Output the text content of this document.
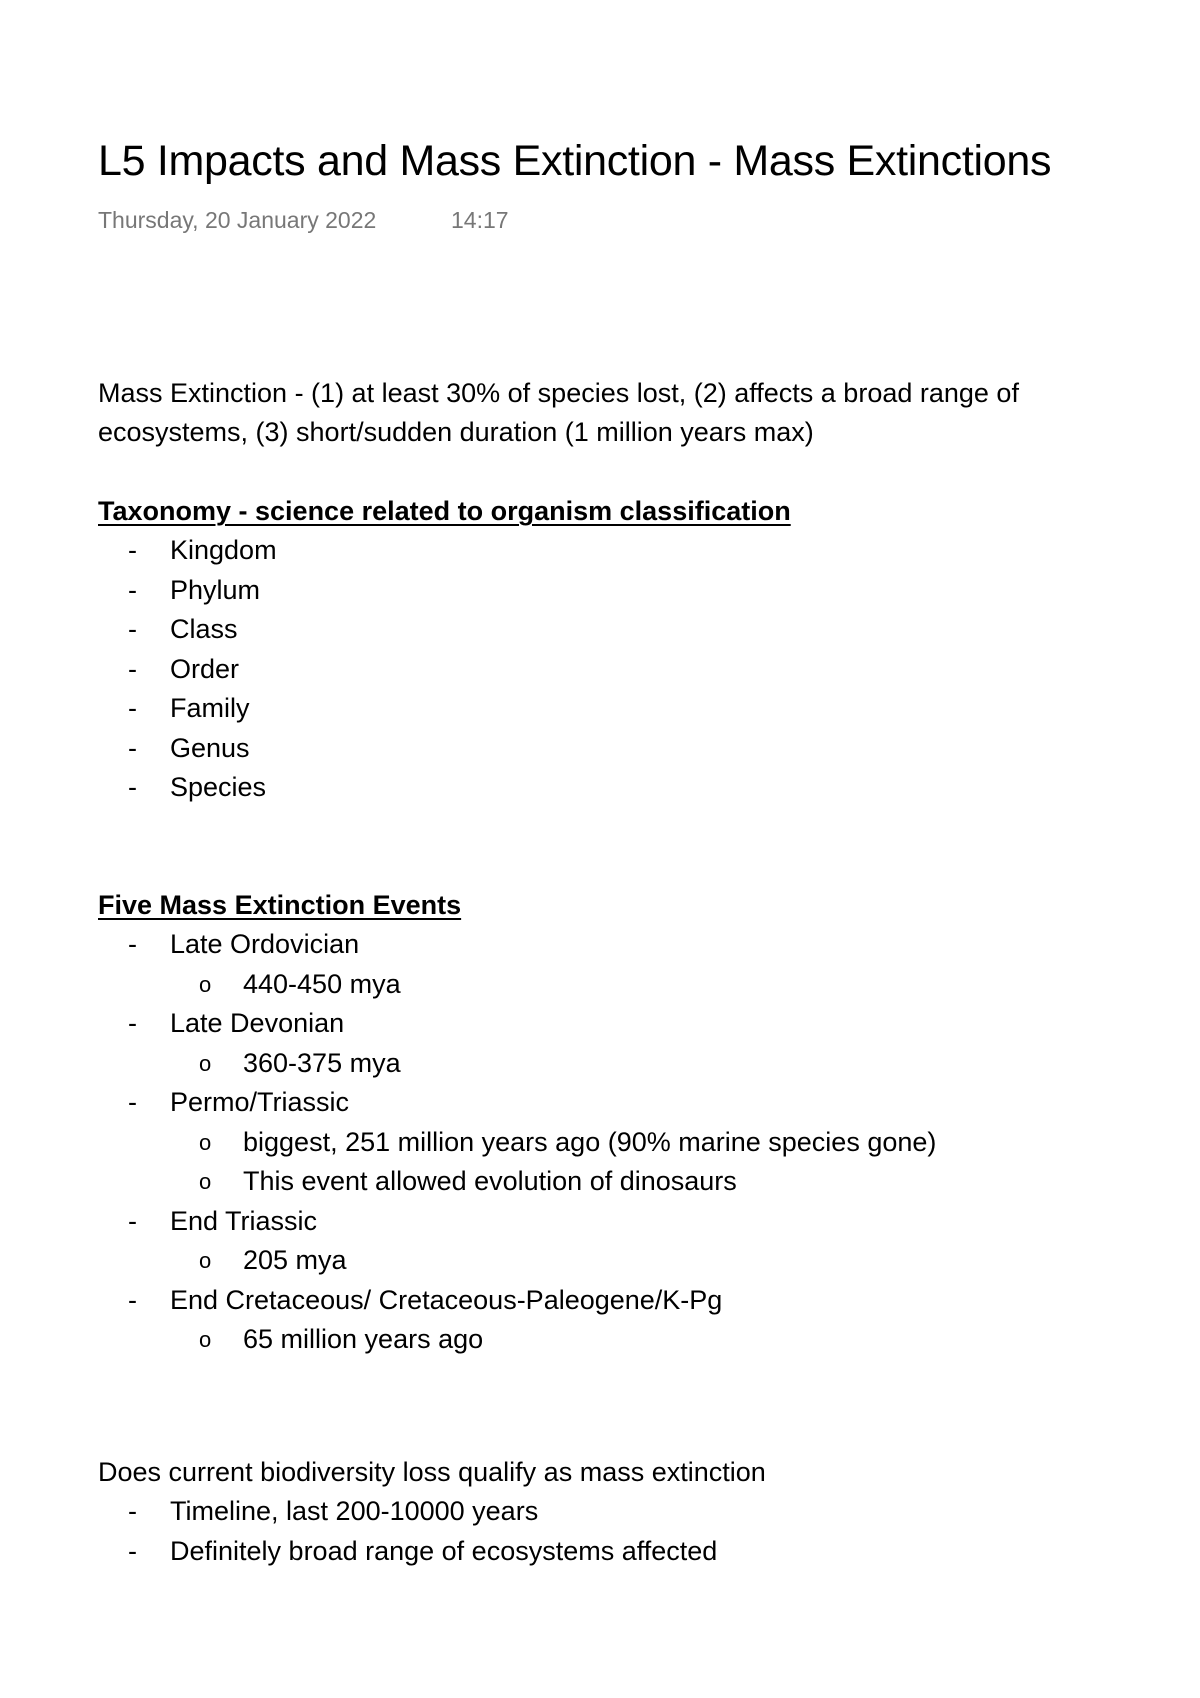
L5 Impacts and Mass Extinction - Mass Extinctions
Thursday, 20 January 2022	14:17
Mass Extinction - (1) at least 30% of species lost, (2) affects a broad range of
ecosystems, (3) short/sudden duration (1 million years max)
Taxonomy - science related to organism classification
-	Kingdom
-	Phylum
-	Class
-	Order
-	Family
-	Genus
-	Species
Five Mass Extinction Events
-	Late Ordovician
o 440-450 mya
-	Late Devonian
o 360-375 mya
-	Permo/Triassic
o biggest, 251 million years ago (90% marine species gone)
o This event allowed evolution of dinosaurs
-	End Triassic
o 205 mya
-	End Cretaceous/ Cretaceous-Paleogene/K-Pg
o 65 million years ago
Does current biodiversity loss qualify as mass extinction
-	Timeline, last 200-10000 years
-	Definitely broad range of ecosystems affected
